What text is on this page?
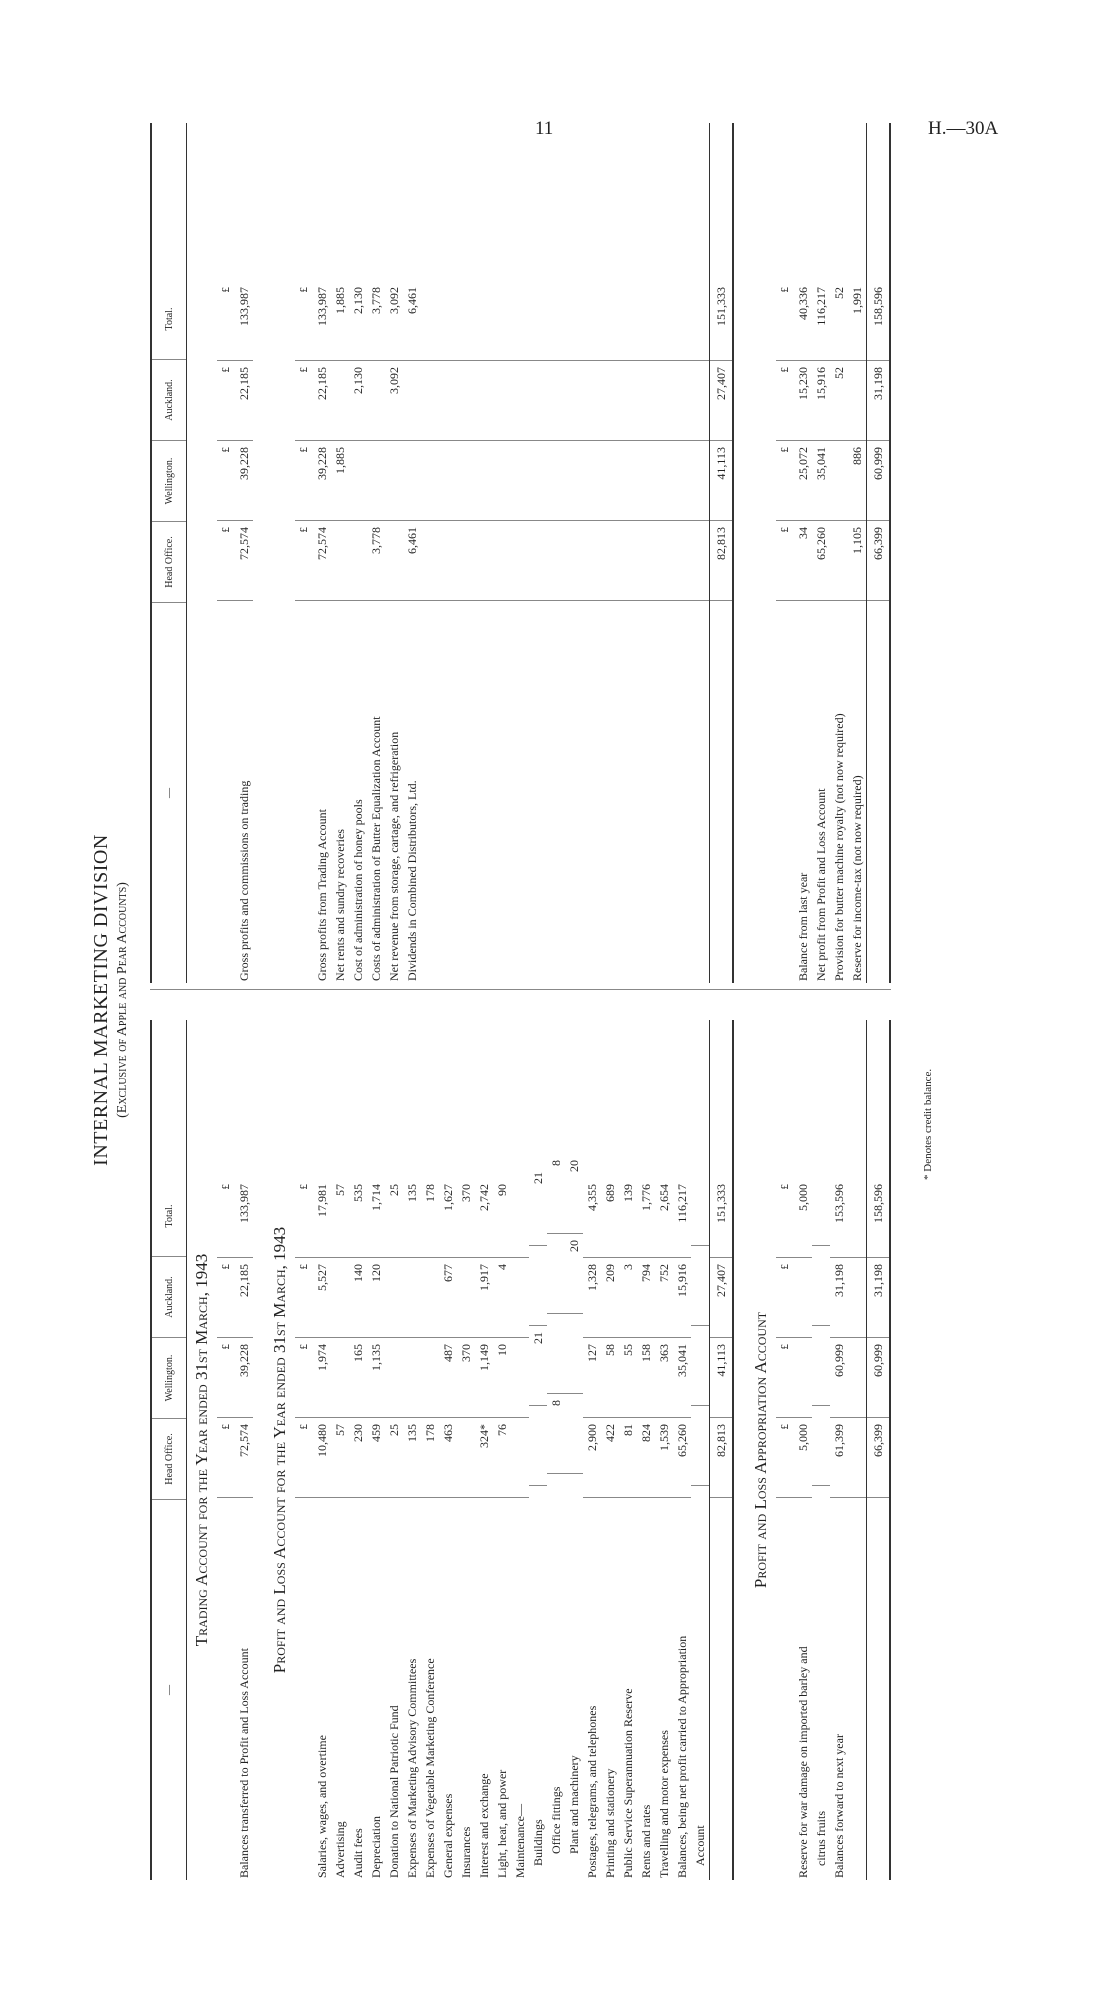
11	H.—30A
INTERNAL MARKETING DIVISION (Exclusive of Apple and Pear Accounts)
—
Head Office.
Wellington.
Auckland.
Total.
Trading Account for the Year ended 31st March, 1943 £
£
£
£
Balances transferred to Profit and Loss Account
72,574
39,228
22,185
133,987
Profit and Loss Account for the Year ended 31st March, 1943 £
£
£
£
Salaries, wages, and overtime
10,480
1,974
5,527
17,981
Advertising
57
57
Audit fees
230
165
140
535
Depreciation
459
1,135
120
1,714
Donation to National Patriotic Fund
25
25
Expenses of Marketing Advisory Committees
135
135
Expenses of Vegetable Marketing Conference
178
178
General expenses
463
487
677
1,627
Insurances
370
370
Interest and exchange
324*
1,149
1,917
2,742
Light, heat, and power
76
10
4
90
Maintenance— Buildings
21
21
Office fittings
8
8
Plant and machinery
20
20
Postages, telegrams, and telephones
2,900
127
1,328
4,355
Printing and stationery
422
58
209
689
Public Service Superannuation Reserve
81
55
3
139
Rents and rates
824
158
794
1,776
Travelling and motor expenses
1,539
363
752
2,654
Balances, being net profit carried to Appropriation
65,260
35,041
15,916
116,217
Account
82,813
41,113
27,407
151,333
Profit and Loss Appropriation Account £
£
£
£
Reserve for war damage on imported barley and
5,000
5,000
citrus fruits Balances forward to next year
61,399
60,999
31,198
153,596
66,399
60,999
31,198
158,596
—
Head Office.
Wellington.
Auckland.
Total.
£
£
£
£
Gross profits and commissions on trading
72,574
39,228
22,185
133,987
£
£
£
£
Gross profits from Trading Account
72,574
39,228
22,185
133,987
Net rents and sundry recoveries
1,885
1,885
Cost of administration of honey pools
2,130
2,130
Costs of administration of Butter Equalization Account
3,778
3,778
Net revenue from storage, cartage, and refrigeration
3,092
3,092
Dividends in Combined Distributors, Ltd.
6,461
6,461
82,813
41,113
27,407
151,333
£
£
£
£
Balance from last year
34
25,072
15,230
40,336
Net profit from Profit and Loss Account
65,260
35,041
15,916
116,217
Provision for butter machine royalty (not now required)
52
52
Reserve for income-tax (not now required)
1,105
886
1,991
66,399
60,999
31,198
158,596
* Denotes credit balance.
